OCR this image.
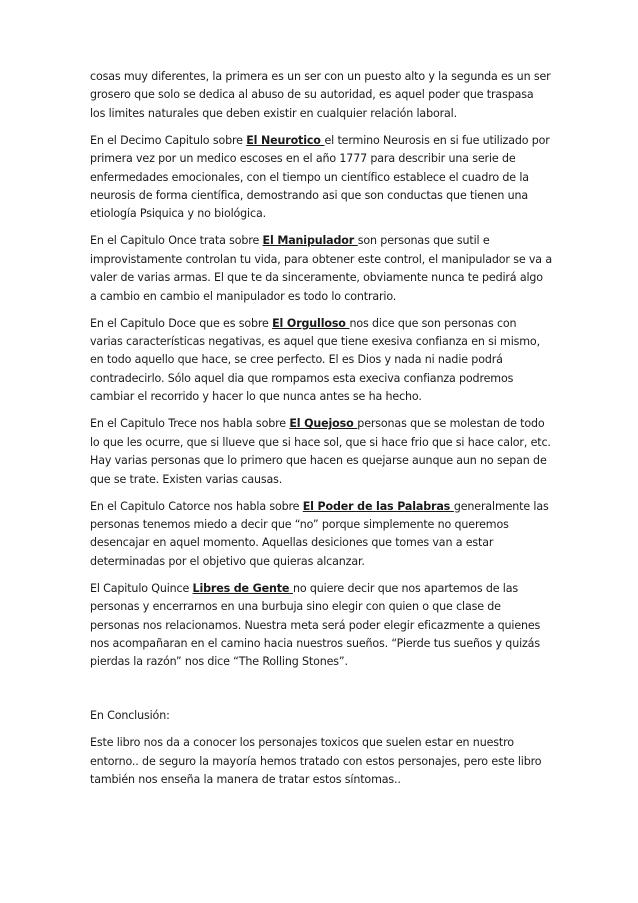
cosas muy diferentes, la primera es un ser con un puesto alto y la segunda es un ser grosero que solo se dedica al abuso de su autoridad, es aquel poder que traspasa los limites naturales que deben existir en cualquier relación laboral.

En el Decimo Capitulo sobre El Neurotico el termino Neurosis en si fue utilizado por primera vez por un medico escoses en el año 1777 para describir una serie de enfermedades emocionales, con el tiempo un científico establece el cuadro de la neurosis de forma científica, demostrando asi que son conductas que tienen una etiología Psiquica y no biológica.

En el Capitulo Once trata sobre El Manipulador son personas que sutil e improvistamente controlan tu vida, para obtener este control, el manipulador se va a valer de varias armas. El que te da sinceramente, obviamente nunca te pedirá algo a cambio en cambio el manipulador es todo lo contrario.

En el Capitulo Doce que es sobre El Orgulloso nos dice que son personas con varias características negativas, es aquel que tiene exesiva confianza en si mismo, en todo aquello que hace, se cree perfecto. El es Dios y nada ni nadie podrá contradecirlo. Sólo aquel dia que rompamos esta execiva confianza podremos cambiar el recorrido y hacer lo que nunca antes se ha hecho.

En el Capitulo Trece nos habla sobre El Quejoso personas que se molestan de todo lo que les ocurre, que si llueve que si hace sol, que si hace frio que si hace calor, etc. Hay varias personas que lo primero que hacen es quejarse aunque aun no sepan de que se trate. Existen varias causas.

En el Capitulo Catorce nos habla sobre El Poder de las Palabras generalmente las personas tenemos miedo a decir que “no” porque simplemente no queremos desencajar en aquel momento. Aquellas desiciones que tomes van a estar determinadas por el objetivo que quieras alcanzar.

El Capitulo Quince Libres de Gente no quiere decir que nos apartemos de las personas y encerrarnos en una burbuja sino elegir con quien o que clase de personas nos relacionamos. Nuestra meta será poder elegir eficazmente a quienes nos acompañaran en el camino hacia nuestros sueños. “Pierde tus sueños y quizás pierdas la razón” nos dice “The Rolling Stones”.

En Conclusión:

Este libro nos da a conocer los personajes toxicos que suelen estar en nuestro entorno.. de seguro la mayoría hemos tratado con estos personajes, pero este libro también nos enseña la manera de tratar estos síntomas..
